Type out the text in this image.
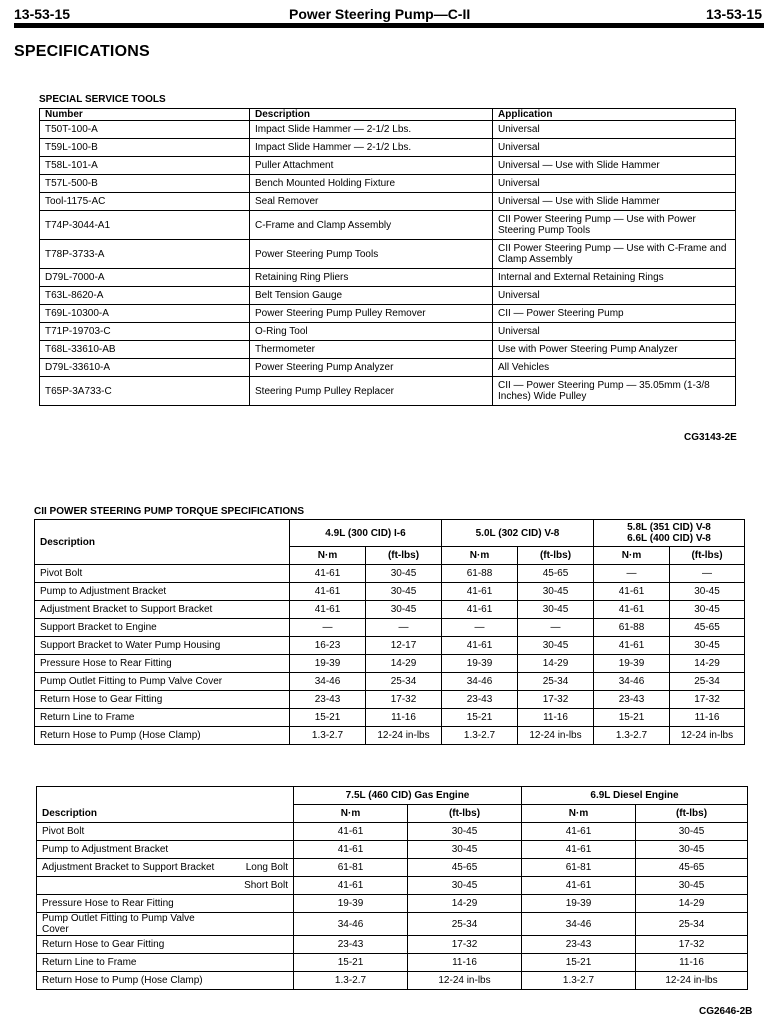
13-53-15	Power Steering Pump—C-II	13-53-15
SPECIFICATIONS
SPECIAL SERVICE TOOLS
Number	Description	Application
T50T-100-A	Impact Slide Hammer — 2-1/2 Lbs.	Universal
T59L-100-B	Impact Slide Hammer — 2-1/2 Lbs.	Universal
T58L-101-A	Puller Attachment	Universal — Use with Slide Hammer
T57L-500-B	Bench Mounted Holding Fixture	Universal
Tool-1175-AC	Seal Remover	Universal — Use with Slide Hammer
T74P-3044-A1	C-Frame and Clamp Assembly	CII Power Steering Pump — Use with Power Steering Pump Tools
T78P-3733-A	Power Steering Pump Tools	CII Power Steering Pump — Use with C-Frame and Clamp Assembly
D79L-7000-A	Retaining Ring Pliers	Internal and External Retaining Rings
T63L-8620-A	Belt Tension Gauge	Universal
T69L-10300-A	Power Steering Pump Pulley Remover	CII — Power Steering Pump
T71P-19703-C	O-Ring Tool	Universal
T68L-33610-AB	Thermometer	Use with Power Steering Pump Analyzer
D79L-33610-A	Power Steering Pump Analyzer	All Vehicles
T65P-3A733-C	Steering Pump Pulley Replacer	CII — Power Steering Pump — 35.05mm (1-3/8 Inches) Wide Pulley
CG3143-2E
CII POWER STEERING PUMP TORQUE SPECIFICATIONS
Description	4.9L (300 CID) I-6		5.0L (302 CID) V-8		5.8L (351 CID) V-8
6.6L (400 CID) V-8	
	N·m	(ft-lbs)	N·m	(ft-lbs)	N·m	(ft-lbs)
Pivot Bolt	41-61	30-45	61-88	45-65	—	—
Pump to Adjustment Bracket	41-61	30-45	41-61	30-45	41-61	30-45
Adjustment Bracket to Support Bracket	41-61	30-45	41-61	30-45	41-61	30-45
Support Bracket to Engine	—	—	—	—	61-88	45-65
Support Bracket to Water Pump Housing	16-23	12-17	41-61	30-45	41-61	30-45
Pressure Hose to Rear Fitting	19-39	14-29	19-39	14-29	19-39	14-29
Pump Outlet Fitting to Pump Valve Cover	34-46	25-34	34-46	25-34	34-46	25-34
Return Hose to Gear Fitting	23-43	17-32	23-43	17-32	23-43	17-32
Return Line to Frame	15-21	11-16	15-21	11-16	15-21	11-16
Return Hose to Pump (Hose Clamp)	1.3-2.7	12-24 in-lbs	1.3-2.7	12-24 in-lbs	1.3-2.7	12-24 in-lbs
Description		7.5L (460 CID) Gas Engine		6.9L Diesel Engine	
		N·m	(ft-lbs)	N·m	(ft-lbs)
Pivot Bolt		41-61	30-45	41-61	30-45
Pump to Adjustment Bracket		41-61	30-45	41-61	30-45
Adjustment Bracket to Support Bracket	Long Bolt	61-81	45-65	61-81	45-65
	Short Bolt	41-61	30-45	41-61	30-45
Pressure Hose to Rear Fitting		19-39	14-29	19-39	14-29
Pump Outlet Fitting to Pump Valve Cover		34-46	25-34	34-46	25-34
Return Hose to Gear Fitting		23-43	17-32	23-43	17-32
Return Line to Frame		15-21	11-16	15-21	11-16
Return Hose to Pump (Hose Clamp)		1.3-2.7	12-24 in-lbs	1.3-2.7	12-24 in-lbs
CG2646-2B
